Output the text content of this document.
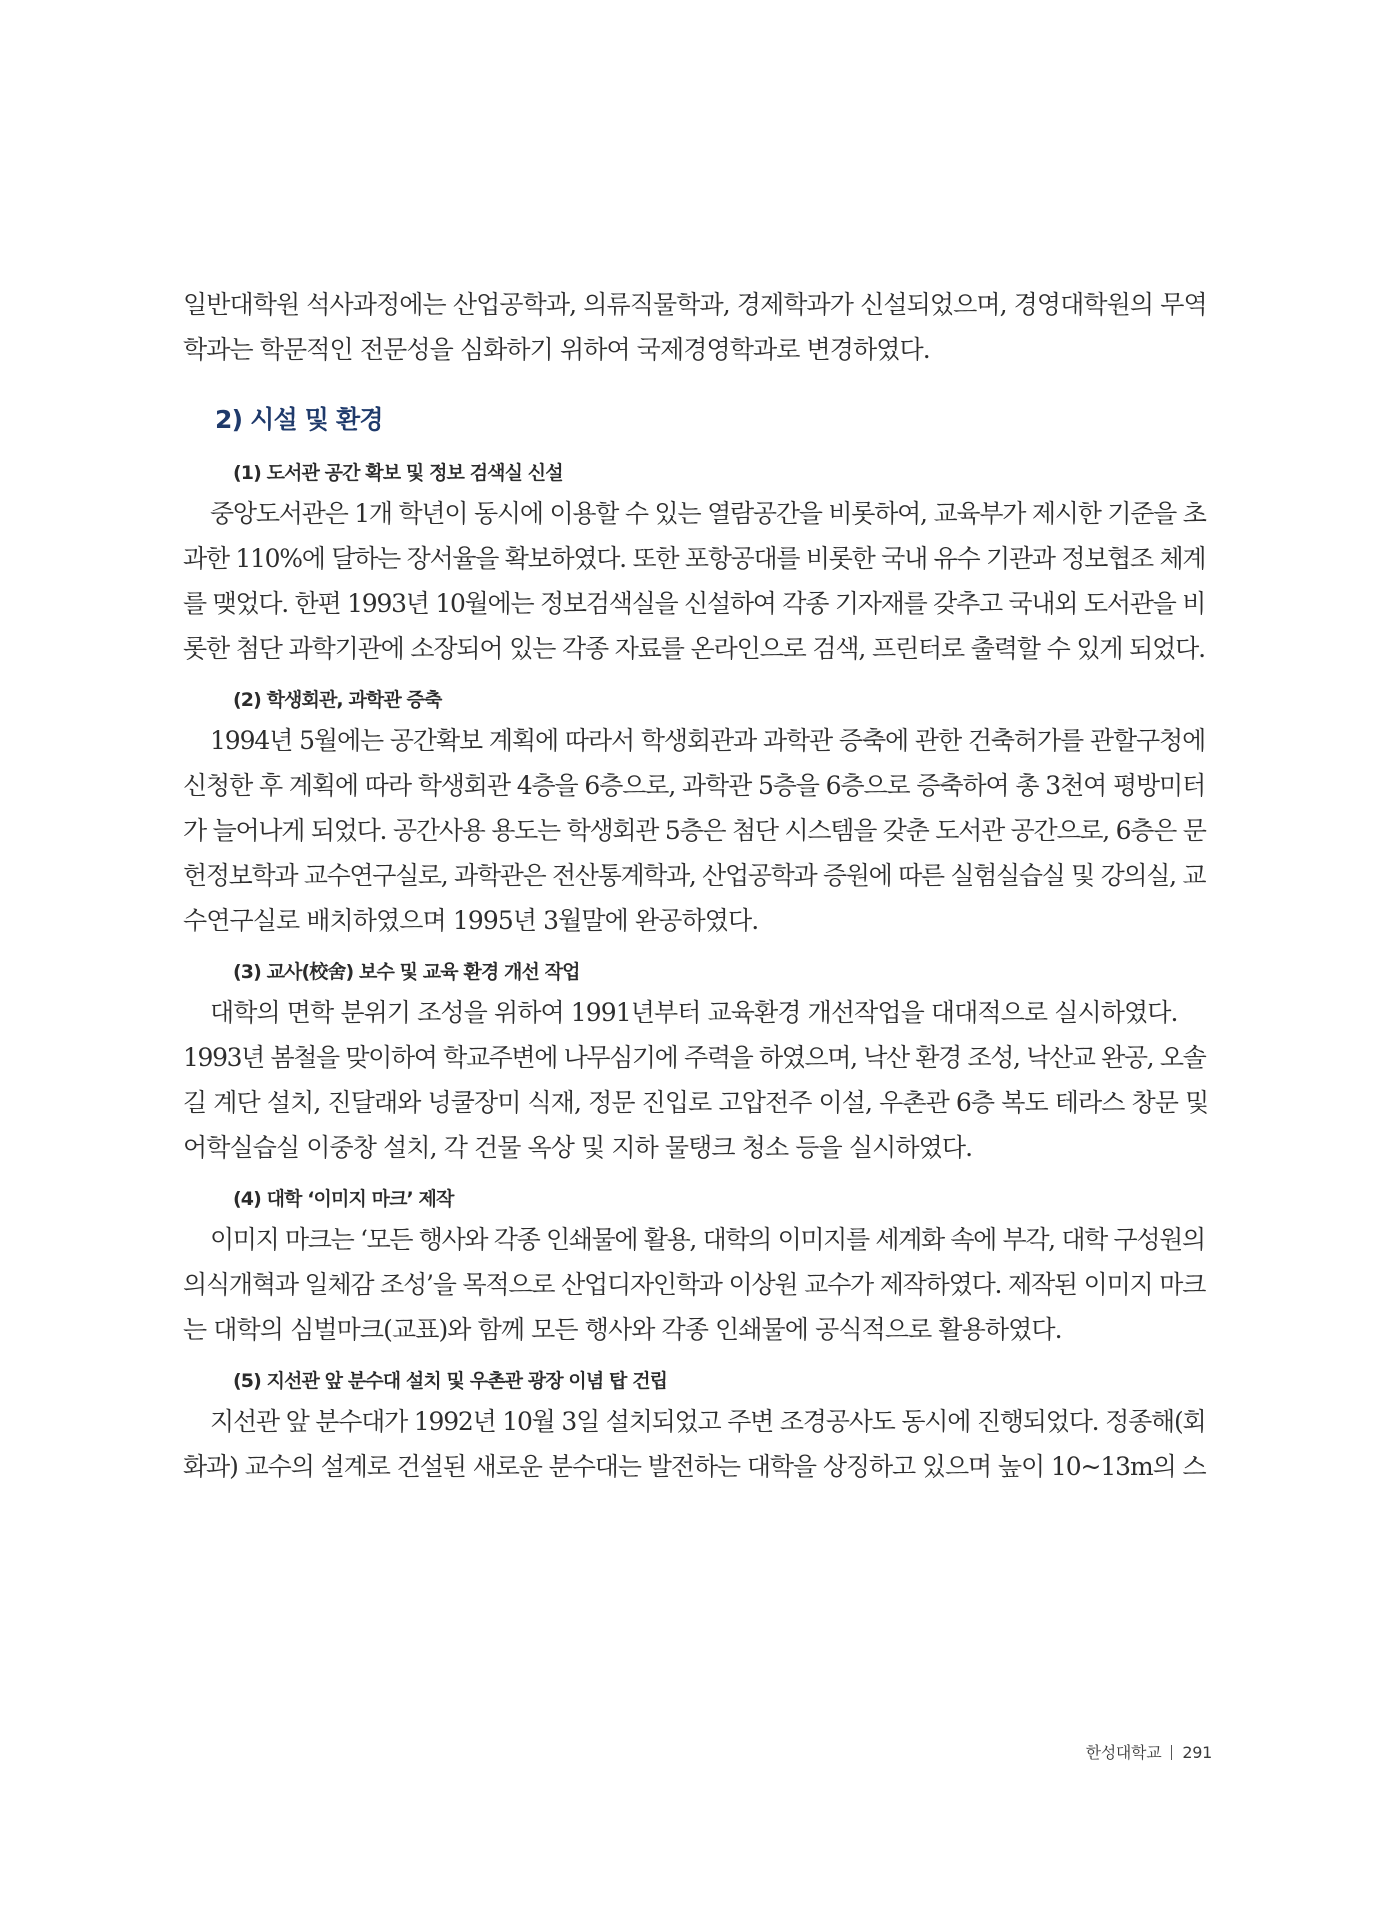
일반대학원 석사과정에는 산업공학과, 의류직물학과, 경제학과가 신설되었으며, 경영대학원의 무역
학과는 학문적인 전문성을 심화하기 위하여 국제경영학과로 변경하였다.

2) 시설 및 환경
(1) 도서관 공간 확보 및 정보 검색실 신설

중앙도서관은 1개 학년이 동시에 이용할 수 있는 열람공간을 비롯하여, 교육부가 제시한 기준을 초
과한 110%에 달하는 장서율을 확보하였다. 또한 포항공대를 비롯한 국내 유수 기관과 정보협조 체계
를 맺었다. 한편 1993년 10월에는 정보검색실을 신설하여 각종 기자재를 갖추고 국내외 도서관을 비
롯한 첨단 과학기관에 소장되어 있는 각종 자료를 온라인으로 검색, 프린터로 출력할 수 있게 되었다.

(2) 학생회관, 과학관 증축

1994년 5월에는 공간확보 계획에 따라서 학생회관과 과학관 증축에 관한 건축허가를 관할구청에
신청한 후 계획에 따라 학생회관 4층을 6층으로, 과학관 5층을 6층으로 증축하여 총 3천여 평방미터
가 늘어나게 되었다. 공간사용 용도는 학생회관 5층은 첨단 시스템을 갖춘 도서관 공간으로, 6층은 문
헌정보학과 교수연구실로, 과학관은 전산통계학과, 산업공학과 증원에 따른 실험실습실 및 강의실, 교
수연구실로 배치하였으며 1995년 3월말에 완공하였다.

(3) 교사(校舍) 보수 및 교육 환경 개선 작업

대학의 면학 분위기 조성을 위하여 1991년부터 교육환경 개선작업을 대대적으로 실시하였다.
1993년 봄철을 맞이하여 학교주변에 나무심기에 주력을 하였으며, 낙산 환경 조성, 낙산교 완공, 오솔
길 계단 설치, 진달래와 넝쿨장미 식재, 정문 진입로 고압전주 이설, 우촌관 6층 복도 테라스 창문 및
어학실습실 이중창 설치, 각 건물 옥상 및 지하 물탱크 청소 등을 실시하였다.

(4) 대학 ‘이미지 마크’ 제작

이미지 마크는 ‘모든 행사와 각종 인쇄물에 활용, 대학의 이미지를 세계화 속에 부각, 대학 구성원의
의식개혁과 일체감 조성’을 목적으로 산업디자인학과 이상원 교수가 제작하였다. 제작된 이미지 마크
는 대학의 심벌마크(교표)와 함께 모든 행사와 각종 인쇄물에 공식적으로 활용하였다.

(5) 지선관 앞 분수대 설치 및 우촌관 광장 이념 탑 건립

지선관 앞 분수대가 1992년 10월 3일 설치되었고 주변 조경공사도 동시에 진행되었다. 정종해(회
화과) 교수의 설계로 건설된 새로운 분수대는 발전하는 대학을 상징하고 있으며 높이 10~13m의 스

한성대학교 291
